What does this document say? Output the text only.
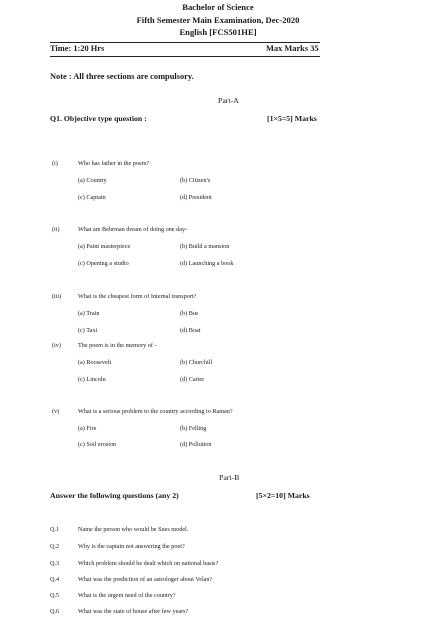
Bachelor of Science
Fifth Semester Main Examination, Dec-2020
English [FCS501HE]
Time: 1:20 Hrs	Max Marks 35
Note : All three sections are compulsory.
Part-A
Q1. Objective type question :	[1×5=5] Marks
(i)	Who has father in the poem?
(a) Country	(b) Citizen's
(c) Captain	(d) President
(ii)	What are Behrman dream of doing one day-
(a) Paint masterpiece	(b) Build a mansion
(c) Opening a studio	(d) Launching a book
(iii)	What is the cheapest form of Internal transport?
(a) Train	(b) Bus
(c) Taxi	(d) Boat
(iv)	The poem is in the memory of -
(a) Roosevelt	(b) Churchill
(c) Lincoln	(d) Carter
(v)	What is a serious problem to the country according to Raman?
(a) Fire	(b) Felling
(c) Soil erosion	(d) Pollution
Part-B
Answer the following questions (any 2)	[5×2=10] Marks
Q.1	Name the person who would be Sues model.
Q.2	Why is the captain not answering the poet?
Q.3	Which problem should be dealt which on national basis?
Q.4	What was the prediction of an astrologer about Velan?
Q.5	What is the urgent need of the country?
Q.6	What was the state of house after few years?
